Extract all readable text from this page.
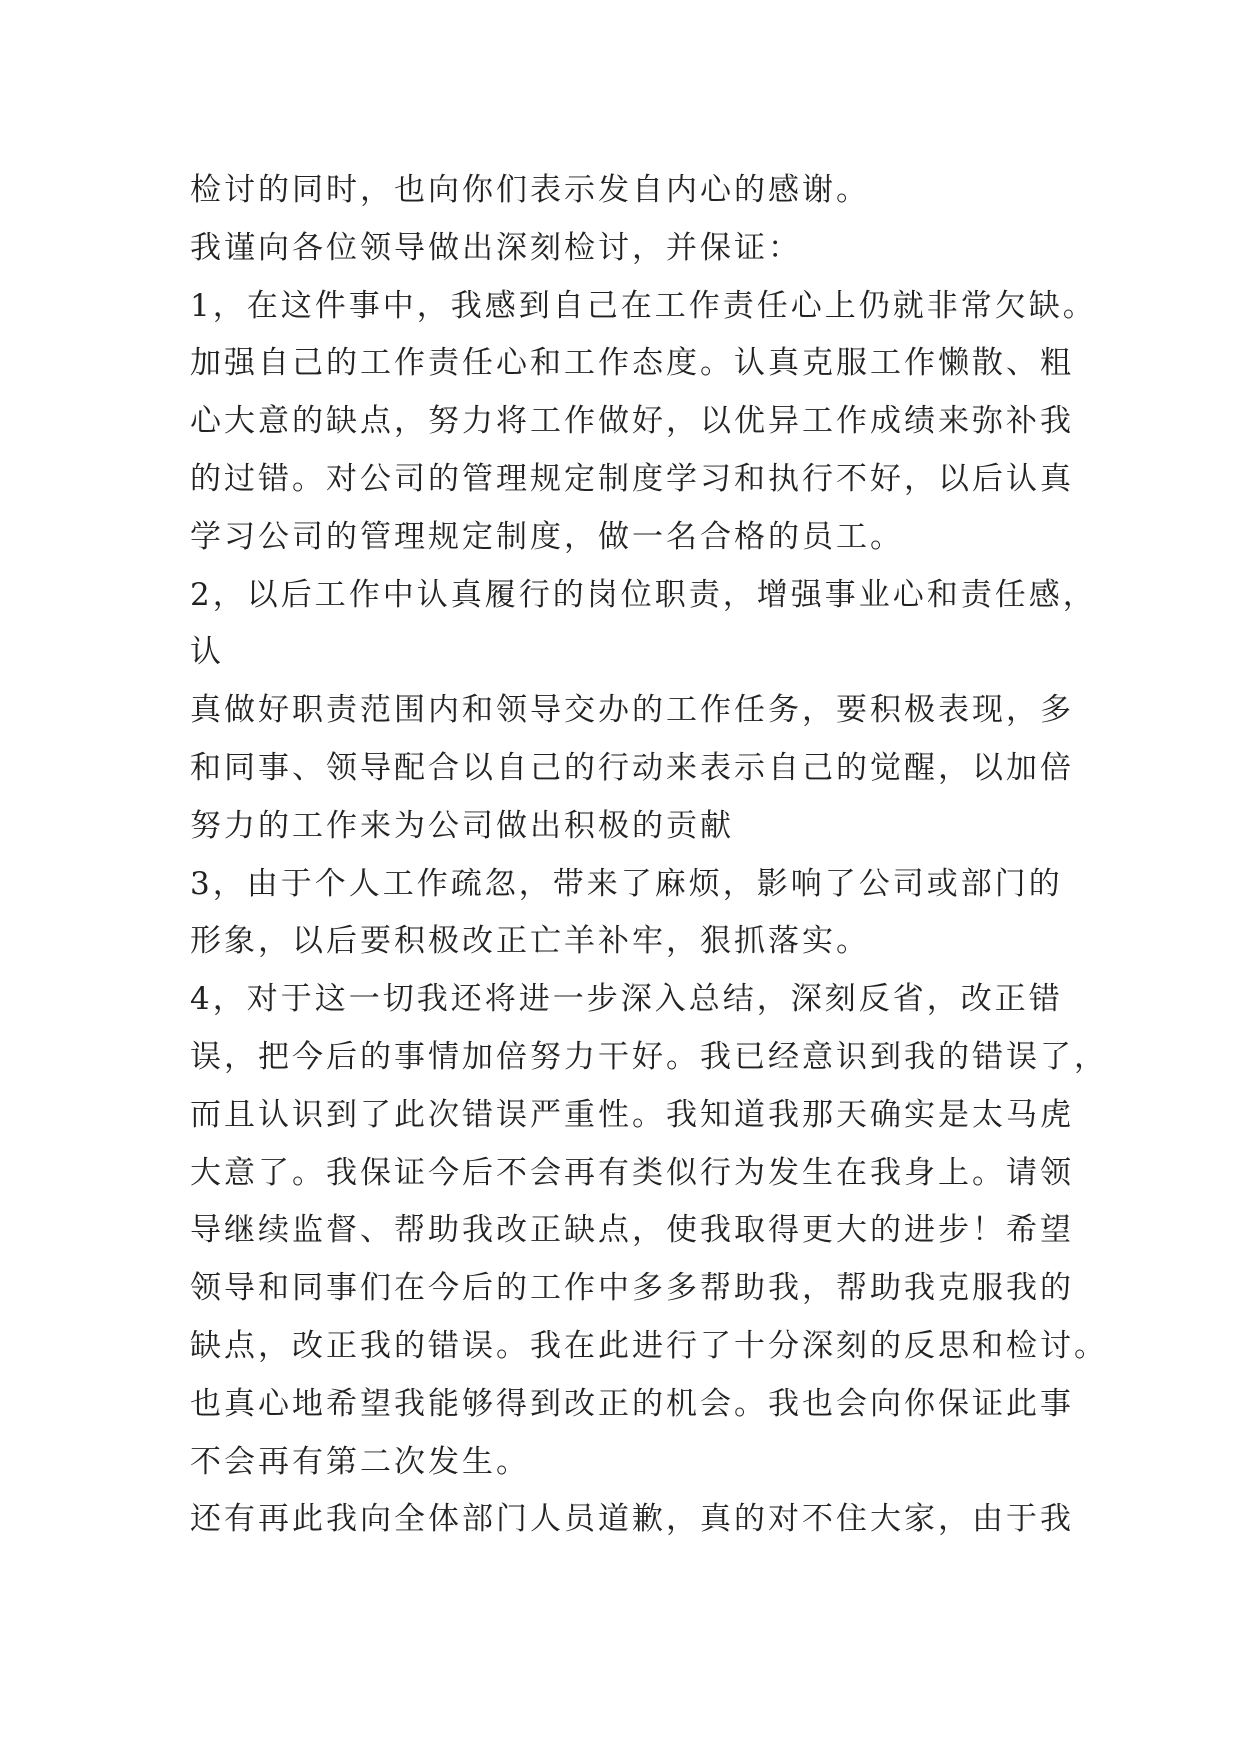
检讨的同时，也向你们表示发自内心的感谢。
我谨向各位领导做出深刻检讨，并保证：
1，在这件事中，我感到自己在工作责任心上仍就非常欠缺。
加强自己的工作责任心和工作态度。认真克服工作懒散、粗
心大意的缺点，努力将工作做好，以优异工作成绩来弥补我
的过错。对公司的管理规定制度学习和执行不好，以后认真
学习公司的管理规定制度，做一名合格的员工。
2，以后工作中认真履行的岗位职责，增强事业心和责任感，
认
真做好职责范围内和领导交办的工作任务，要积极表现，多
和同事、领导配合以自己的行动来表示自己的觉醒，以加倍
努力的工作来为公司做出积极的贡献
3，由于个人工作疏忽，带来了麻烦，影响了公司或部门的
形象，以后要积极改正亡羊补牢，狠抓落实。
4，对于这一切我还将进一步深入总结，深刻反省，改正错
误，把今后的事情加倍努力干好。我已经意识到我的错误了，
而且认识到了此次错误严重性。我知道我那天确实是太马虎
大意了。我保证今后不会再有类似行为发生在我身上。请领
导继续监督、帮助我改正缺点，使我取得更大的进步！希望
领导和同事们在今后的工作中多多帮助我，帮助我克服我的
缺点，改正我的错误。我在此进行了十分深刻的反思和检讨。
也真心地希望我能够得到改正的机会。我也会向你保证此事
不会再有第二次发生。
还有再此我向全体部门人员道歉，真的对不住大家，由于我
